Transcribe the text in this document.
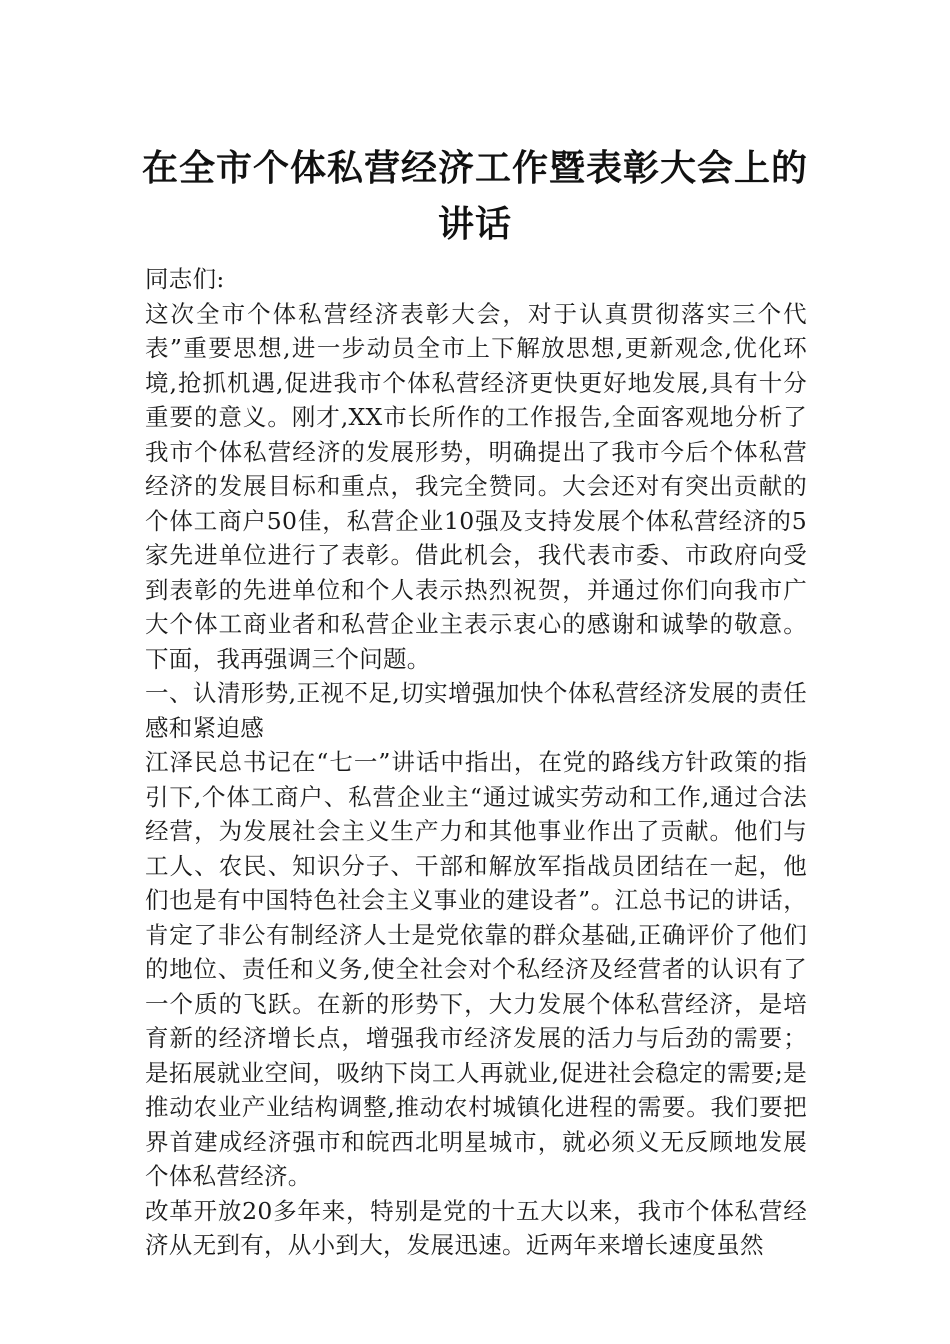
在全市个体私营经济工作暨表彰大会上的讲话

同志们:

这次全市个体私营经济表彰大会，对于认真贯彻落实三个代表”重要思想,进一步动员全市上下解放思想,更新观念,优化环境,抢抓机遇,促进我市个体私营经济更快更好地发展,具有十分重要的意义。刚才,XX市长所作的工作报告,全面客观地分析了我市个体私营经济的发展形势，明确提出了我市今后个体私营经济的发展目标和重点，我完全赞同。大会还对有突出贡献的个体工商户50佳，私营企业10强及支持发展个体私营经济的5家先进单位进行了表彰。借此机会，我代表市委、市政府向受到表彰的先进单位和个人表示热烈祝贺，并通过你们向我市广大个体工商业者和私营企业主表示衷心的感谢和诚挚的敬意。下面，我再强调三个问题。

一、认清形势,正视不足,切实增强加快个体私营经济发展的责任感和紧迫感

江泽民总书记在“七一”讲话中指出，在党的路线方针政策的指引下,个体工商户、私营企业主“通过诚实劳动和工作,通过合法经营，为发展社会主义生产力和其他事业作出了贡献。他们与工人、农民、知识分子、干部和解放军指战员团结在一起，他们也是有中国特色社会主义事业的建设者”。江总书记的讲话，肯定了非公有制经济人士是党依靠的群众基础,正确评价了他们的地位、责任和义务,使全社会对个私经济及经营者的认识有了一个质的飞跃。在新的形势下，大力发展个体私营经济，是培育新的经济增长点，增强我市经济发展的活力与后劲的需要；是拓展就业空间，吸纳下岗工人再就业,促进社会稳定的需要;是推动农业产业结构调整,推动农村城镇化进程的需要。我们要把界首建成经济强市和皖西北明星城市，就必须义无反顾地发展个体私营经济。

改革开放20多年来，特别是党的十五大以来，我市个体私营经济从无到有，从小到大，发展迅速。近两年来增长速度虽然
